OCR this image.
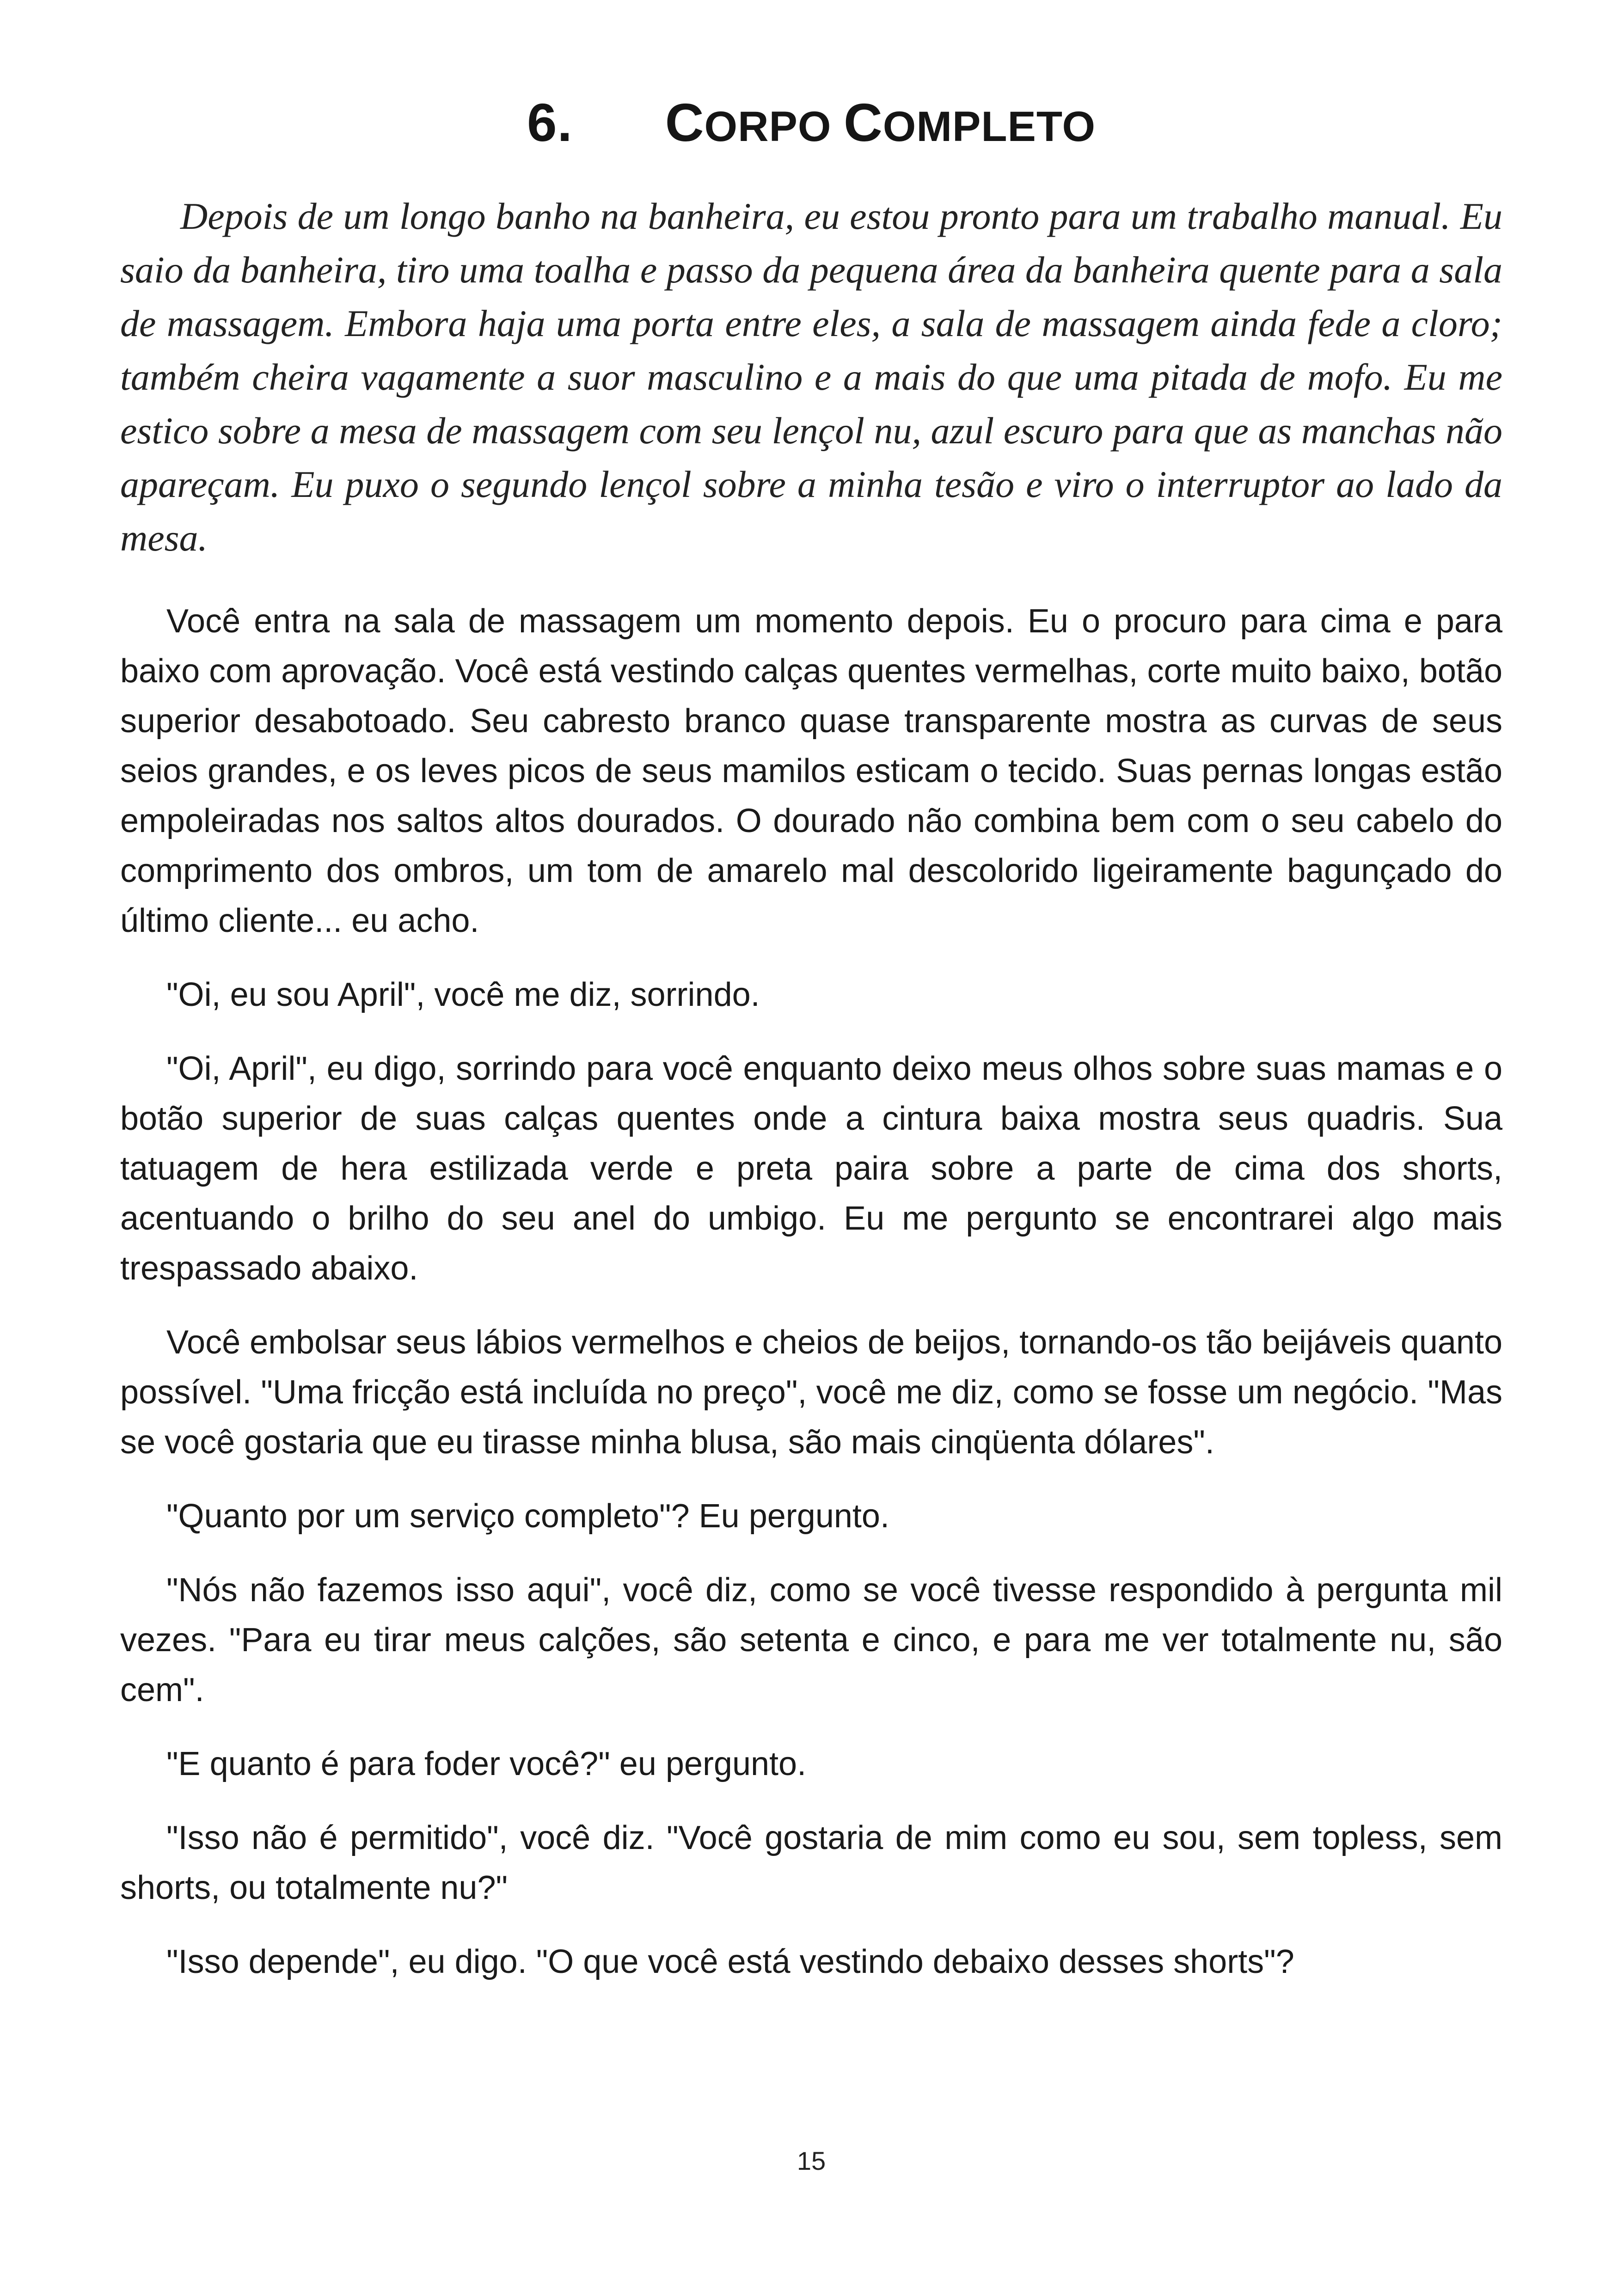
6. CORPO COMPLETO

Depois de um longo banho na banheira, eu estou pronto para um trabalho manual. Eu saio da banheira, tiro uma toalha e passo da pequena área da banheira quente para a sala de massagem. Embora haja uma porta entre eles, a sala de massagem ainda fede a cloro; também cheira vagamente a suor masculino e a mais do que uma pitada de mofo. Eu me estico sobre a mesa de massagem com seu lençol nu, azul escuro para que as manchas não apareçam. Eu puxo o segundo lençol sobre a minha tesão e viro o interruptor ao lado da mesa.

Você entra na sala de massagem um momento depois. Eu o procuro para cima e para baixo com aprovação. Você está vestindo calças quentes vermelhas, corte muito baixo, botão superior desabotoado. Seu cabresto branco quase transparente mostra as curvas de seus seios grandes, e os leves picos de seus mamilos esticam o tecido. Suas pernas longas estão empoleiradas nos saltos altos dourados. O dourado não combina bem com o seu cabelo do comprimento dos ombros, um tom de amarelo mal descolorido ligeiramente bagunçado do último cliente... eu acho.

"Oi, eu sou April", você me diz, sorrindo.

"Oi, April", eu digo, sorrindo para você enquanto deixo meus olhos sobre suas mamas e o botão superior de suas calças quentes onde a cintura baixa mostra seus quadris. Sua tatuagem de hera estilizada verde e preta paira sobre a parte de cima dos shorts, acentuando o brilho do seu anel do umbigo. Eu me pergunto se encontrarei algo mais trespassado abaixo.

Você embolsar seus lábios vermelhos e cheios de beijos, tornando-os tão beijáveis quanto possível. "Uma fricção está incluída no preço", você me diz, como se fosse um negócio. "Mas se você gostaria que eu tirasse minha blusa, são mais cinqüenta dólares".

"Quanto por um serviço completo"? Eu pergunto.

"Nós não fazemos isso aqui", você diz, como se você tivesse respondido à pergunta mil vezes. "Para eu tirar meus calções, são setenta e cinco, e para me ver totalmente nu, são cem".

"E quanto é para foder você?" eu pergunto.

"Isso não é permitido", você diz. "Você gostaria de mim como eu sou, sem topless, sem shorts, ou totalmente nu?"

"Isso depende", eu digo. "O que você está vestindo debaixo desses shorts"?

15
